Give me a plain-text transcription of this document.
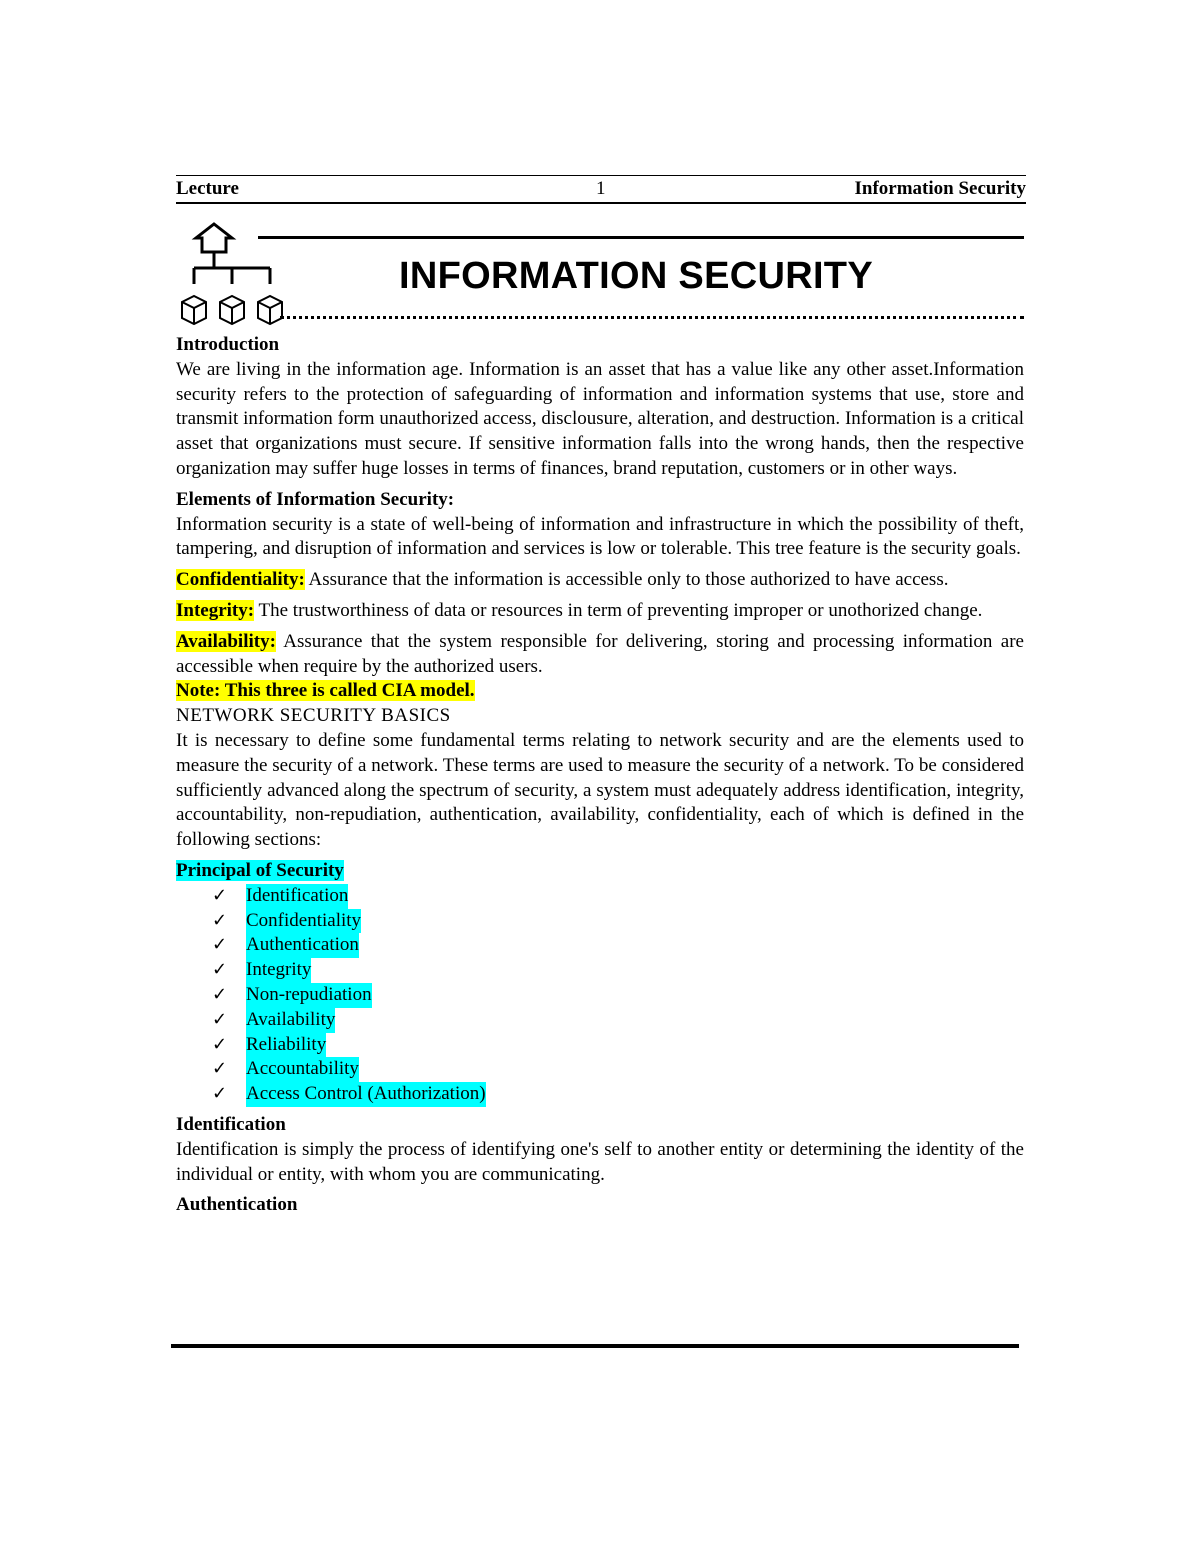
Lecture	1	Information Security
INFORMATION SECURITY

Introduction

We are living in the information age. Information is an asset that has a value like any other asset.Information security refers to the protection of safeguarding of information and information systems that use, store and transmit information form unauthorized access, disclousure, alteration, and destruction. Information is a critical asset that organizations must secure. If sensitive information falls into the wrong hands, then the respective organization may suffer huge losses in terms of finances, brand reputation, customers or in other ways.

Elements of Information Security:

Information security is a state of well-being of information and infrastructure in which the possibility of theft, tampering, and disruption of information and services is low or tolerable. This tree feature is the security goals.

Confidentiality: Assurance that the information is accessible only to those authorized to have access.

Integrity: The trustworthiness of data or resources in term of preventing improper or unothorized change.

Availability: Assurance that the system responsible for delivering, storing and processing information are accessible when require by the authorized users.

Note: This three is called CIA model.

NETWORK SECURITY BASICS

It is necessary to define some fundamental terms relating to network security and are the elements used to measure the security of a network. These terms are used to measure the security of a network. To be considered sufficiently advanced along the spectrum of security, a system must adequately address identification, integrity, accountability, non-repudiation, authentication, availability, confidentiality, each of which is defined in the following sections:

Principal of Security
✓ Identification
✓ Confidentiality
✓ Authentication
✓ Integrity
✓ Non-repudiation
✓ Availability
✓ Reliability
✓ Accountability
✓ Access Control (Authorization)

Identification

Identification is simply the process of identifying one's self to another entity or determining the identity of the individual or entity, with whom you are communicating.

Authentication
